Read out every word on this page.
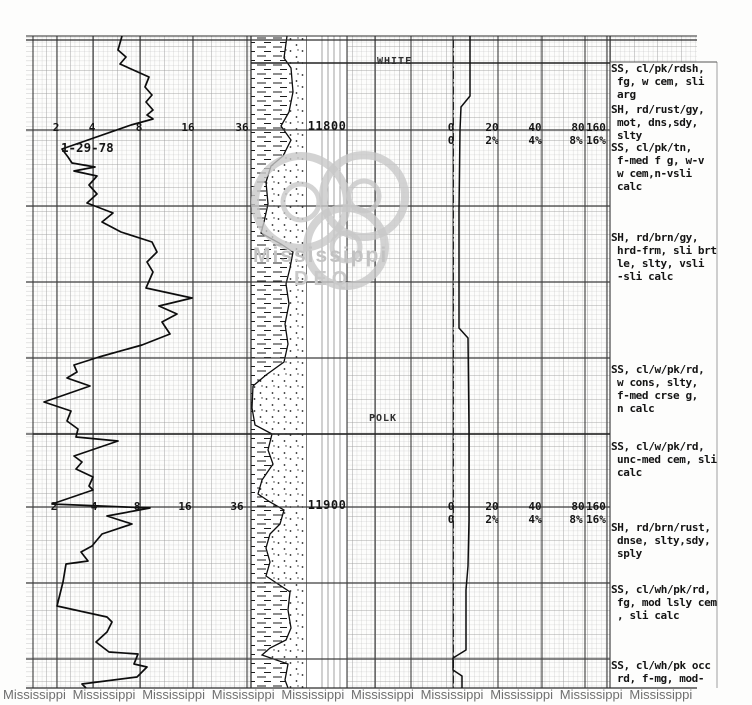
2	4	8	16	36
2	4	8	16	36
0	20	40	80 160
0	2%	4%	8% 16%
0	20	40	80 160
0	2%	4%	8% 16%
11800
11900
WHITE
POLK
1-29-78
SS, cl/pk/rdsh,
fg, w cem, sli
arg
SH, rd/rust/gy,
mot, dns,sdy,
slty
SS, cl/pk/tn,
f-med f g, w-v
w cem,n-vsli
calc
SH, rd/brn/gy,
hrd-frm, sli brt
le, slty, vsli
-sli calc
SS, cl/w/pk/rd,
w cons, slty,
f-med crse g,
n calc
SS, cl/w/pk/rd,
unc-med cem, sli
calc
SH, rd/brn/rust,
dnse, slty,sdy,
sply
SS, cl/wh/pk/rd,
fg, mod lsly cem
, sli calc
SS, cl/wh/pk occ
rd, f-mg, mod-
Mississippi
DEQ
Mississippi Mississippi Mississippi Mississippi Mississippi Mississippi Mississippi Mississippi Mississippi Mississippi
